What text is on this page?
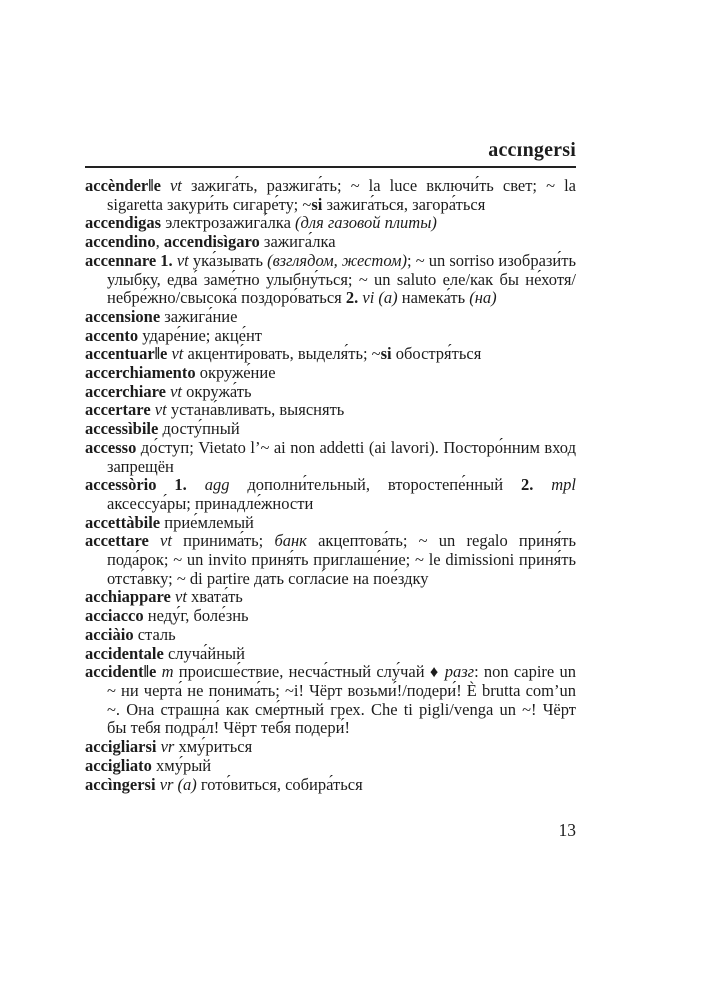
accɪngersi

accènder‖e vt зажига́ть, разжига́ть; ~ la luce включи́ть свет; ~ la sigaretta закури́ть сигаре́ту; ~si зажига́ться, загора́ться

accendigas электрозажига́лка (для газовой плиты)

accendino, accendisìgaro зажига́лка

accennare 1. vt ука́зывать (взглядом, жестом); ~ un sorriso изобрази́ть улыбку, едва́ заме́тно улыбну́ться; ~ un saluto еле/как бы не́хотя/небре́жно/свысока́ поздоро́ваться 2. vi (a) намека́ть (на)

accensione зажига́ние

accento ударе́ние; акце́нт

accentuar‖e vt акценти́ровать, выделя́ть; ~si обостря́ться

accerchiamento окруже́ние

accerchiare vt окружа́ть

accertare vt устана́вливать, выяснять

accessìbile досту́пный

accesso до́ступ; Vietato l’~ ai non addetti (ai lavori). Посторо́нним вход запрещён

accessòrio 1. agg дополни́тельный, второстепе́нный 2. mpl аксессуа́ры; принадле́жности

accettàbile прие́млемый

accettare vt принима́ть; банк акцептова́ть; ~ un regalo приня́ть пода́рок; ~ un invito приня́ть приглаше́ние; ~ le dimissioni приня́ть отста́вку; ~ di partire дать согла́сие на пое́здку

acchiappare vt хвата́ть

acciacco неду́г, боле́знь

acciàio сталь

accidentale случа́йный

accident‖e m происше́ствие, несча́стный слу́чай ♦ разг: non capire un ~ ни черта́ не понима́ть; ~i! Чёрт возьми́!/подери́! È brutta com’un ~. Она страшна́ как сме́ртный грех. Che ti pigli/venga un ~! Чёрт бы тебя подра́л! Чёрт тебя подери́!

accigliarsi vr хму́риться

accigliato хму́рый

accìngersi vr (a) гото́виться, собира́ться

13
